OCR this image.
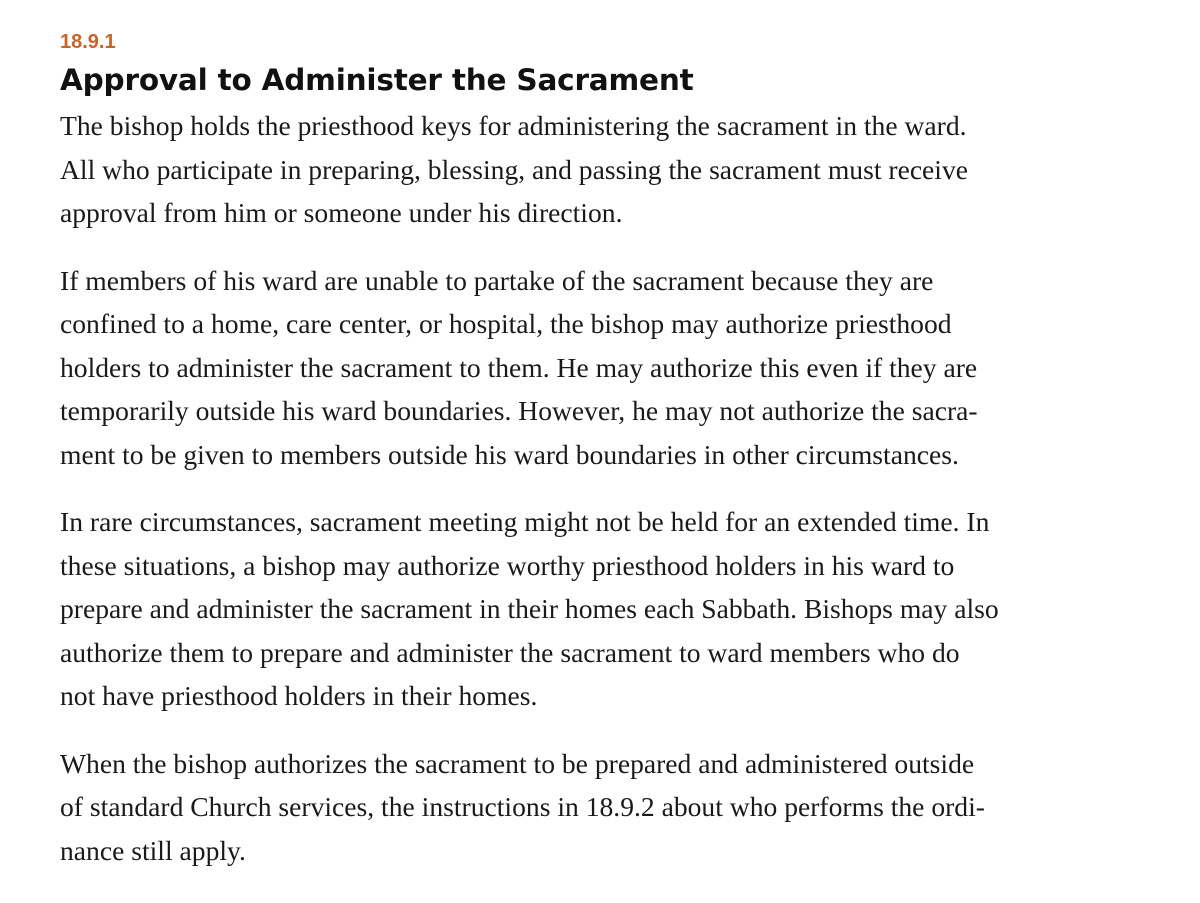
18.9.1
Approval to Administer the Sacrament

The bishop holds the priesthood keys for administering the sacrament in the ward.
All who participate in preparing, blessing, and passing the sacrament must receive
approval from him or someone under his direction.

If members of his ward are unable to partake of the sacrament because they are
confined to a home, care center, or hospital, the bishop may authorize priesthood
holders to administer the sacrament to them. He may authorize this even if they are
temporarily outside his ward boundaries. However, he may not authorize the sacra-
ment to be given to members outside his ward boundaries in other circumstances.

In rare circumstances, sacrament meeting might not be held for an extended time. In
these situations, a bishop may authorize worthy priesthood holders in his ward to
prepare and administer the sacrament in their homes each Sabbath. Bishops may also
authorize them to prepare and administer the sacrament to ward members who do
not have priesthood holders in their homes.

When the bishop authorizes the sacrament to be prepared and administered outside
of standard Church services, the instructions in 18.9.2 about who performs the ordi-
nance still apply.
